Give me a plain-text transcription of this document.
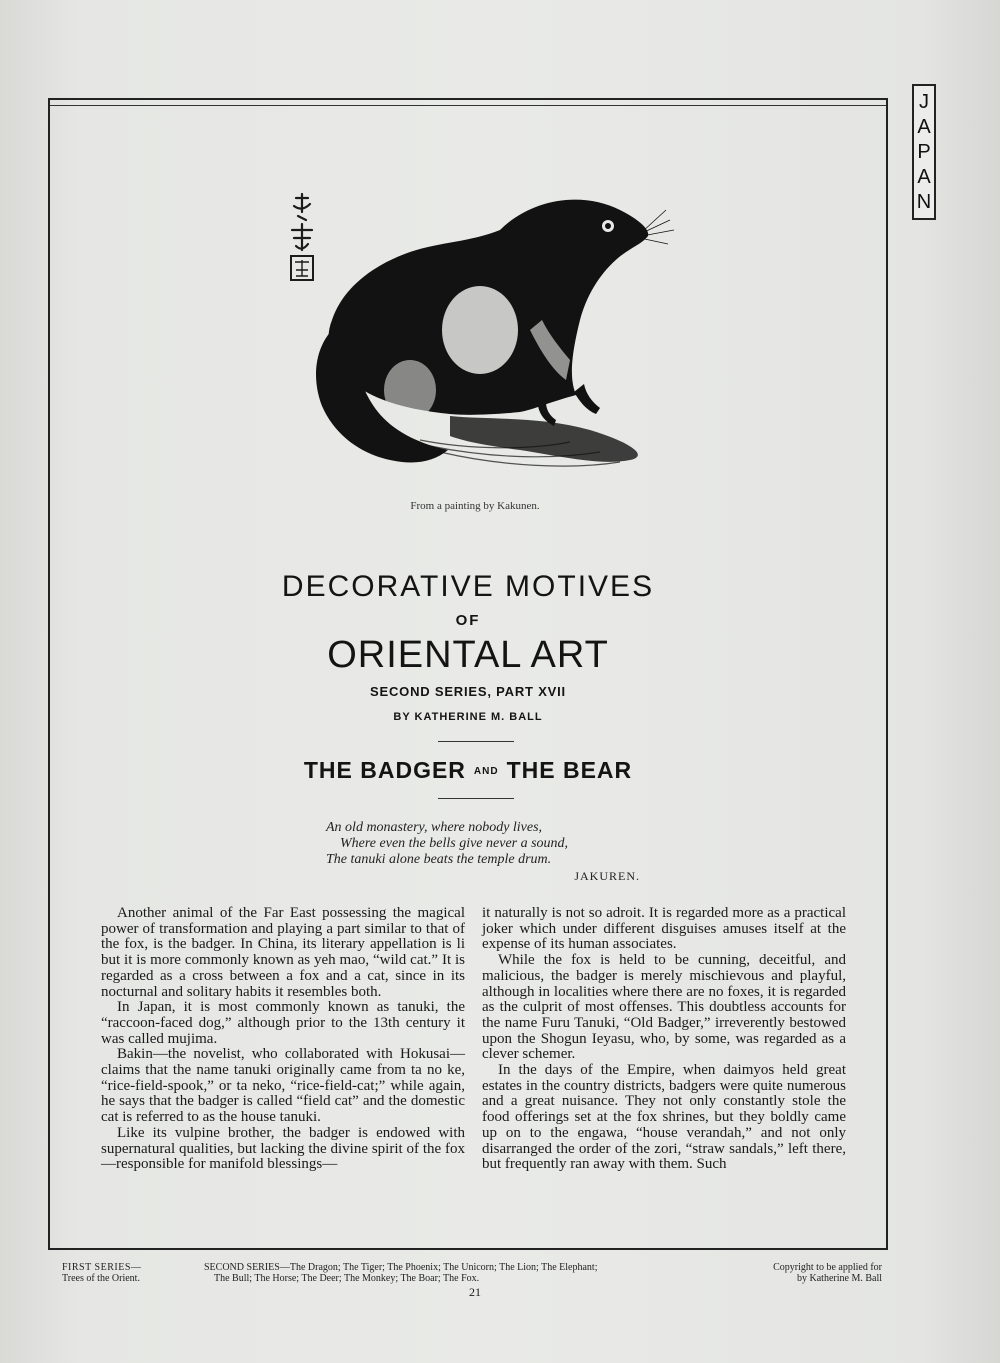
J
A
P
A
N
From a painting by Kakunen.
DECORATIVE MOTIVES
OF
ORIENTAL ART
SECOND SERIES, PART XVII
BY KATHERINE M. BALL
THE BADGER AND THE BEAR
An old monastery, where nobody lives,
Where even the bells give never a sound,
The tanuki alone beats the temple drum.
JAKUREN.

Another animal of the Far East possessing the magical power of transformation and playing a part similar to that of the fox, is the badger. In China, its literary appellation is li but it is more commonly known as yeh mao, “wild cat.” It is regarded as a cross between a fox and a cat, since in its nocturnal and solitary habits it resembles both.

In Japan, it is most commonly known as tanuki, the “raccoon-faced dog,” although prior to the 13th century it was called mujima.

Bakin—the novelist, who collaborated with Hokusai—claims that the name tanuki originally came from ta no ke, “rice-field-spook,” or ta neko, “rice-field-cat;” while again, he says that the badger is called “field cat” and the domestic cat is referred to as the house tanuki.

Like its vulpine brother, the badger is endowed with supernatural qualities, but lacking the divine spirit of the fox—responsible for manifold blessings—

it naturally is not so adroit. It is regarded more as a practical joker which under different disguises amuses itself at the expense of its human associates.

While the fox is held to be cunning, deceitful, and malicious, the badger is merely mischievous and playful, although in localities where there are no foxes, it is regarded as the culprit of most offenses. This doubtless accounts for the name Furu Tanuki, “Old Badger,” irreverently bestowed upon the Shogun Ieyasu, who, by some, was regarded as a clever schemer.

In the days of the Empire, when daimyos held great estates in the country districts, badgers were quite numerous and a great nuisance. They not only constantly stole the food offerings set at the fox shrines, but they boldly came up on to the engawa, “house verandah,” and not only disarranged the order of the zori, “straw sandals,” left there, but frequently ran away with them. Such

FIRST SERIES—
Trees of the Orient.
SECOND SERIES—The Dragon; The Tiger; The Phoenix; The Unicorn; The Lion; The Elephant;
The Bull; The Horse; The Deer; The Monkey; The Boar; The Fox.
Copyright to be applied for
by Katherine M. Ball
21
